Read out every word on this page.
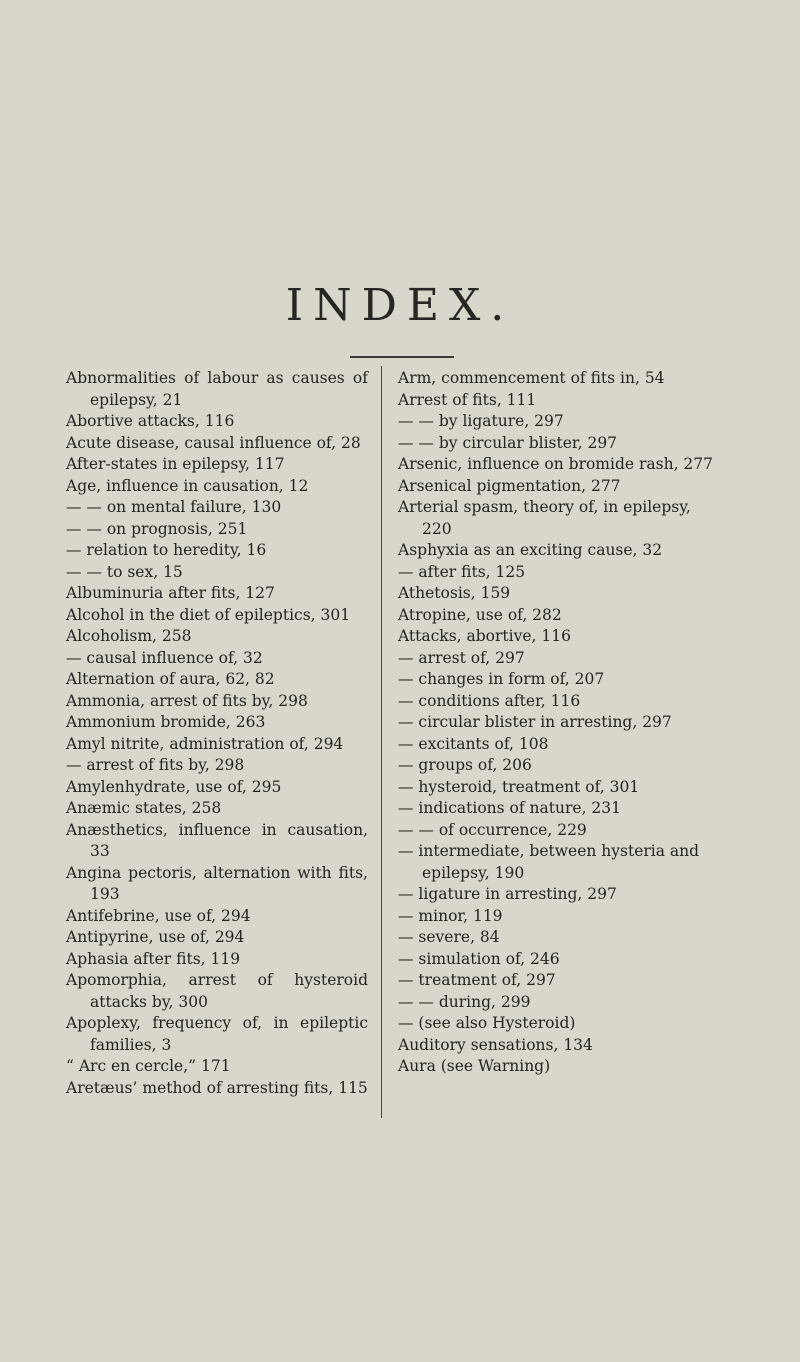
INDEX.
Abnormalities of labour as causes of epilepsy, 21
Abortive attacks, 116
Acute disease, causal influence of, 28
After-states in epilepsy, 117
Age, influence in causation, 12
— — on mental failure, 130
— — on prognosis, 251
— relation to heredity, 16
— — to sex, 15
Albuminuria after fits, 127
Alcohol in the diet of epileptics, 301
Alcoholism, 258
— causal influence of, 32
Alternation of aura, 62, 82
Ammonia, arrest of fits by, 298
Ammonium bromide, 263
Amyl nitrite, administration of, 294
— arrest of fits by, 298
Amylenhydrate, use of, 295
Anæmic states, 258
Anæsthetics, influence in causation, 33
Angina pectoris, alternation with fits, 193
Antifebrine, use of, 294
Antipyrine, use of, 294
Aphasia after fits, 119
Apomorphia, arrest of hysteroid attacks by, 300
Apoplexy, frequency of, in epileptic families, 3
“ Arc en cercle,” 171
Aretæus’ method of arresting fits, 115
Arm, commencement of fits in, 54
Arrest of fits, 111
— — by ligature, 297
— — by circular blister, 297
Arsenic, influence on bromide rash, 277
Arsenical pigmentation, 277
Arterial spasm, theory of, in epilepsy, 220
Asphyxia as an exciting cause, 32
— after fits, 125
Athetosis, 159
Atropine, use of, 282
Attacks, abortive, 116
— arrest of, 297
— changes in form of, 207
— conditions after, 116
— circular blister in arresting, 297
— excitants of, 108
— groups of, 206
— hysteroid, treatment of, 301
— indications of nature, 231
— — of occurrence, 229
— intermediate, between hysteria and epilepsy, 190
— ligature in arresting, 297
— minor, 119
— severe, 84
— simulation of, 246
— treatment of, 297
— — during, 299
— (see also Hysteroid)
Auditory sensations, 134
Aura (see Warning)
